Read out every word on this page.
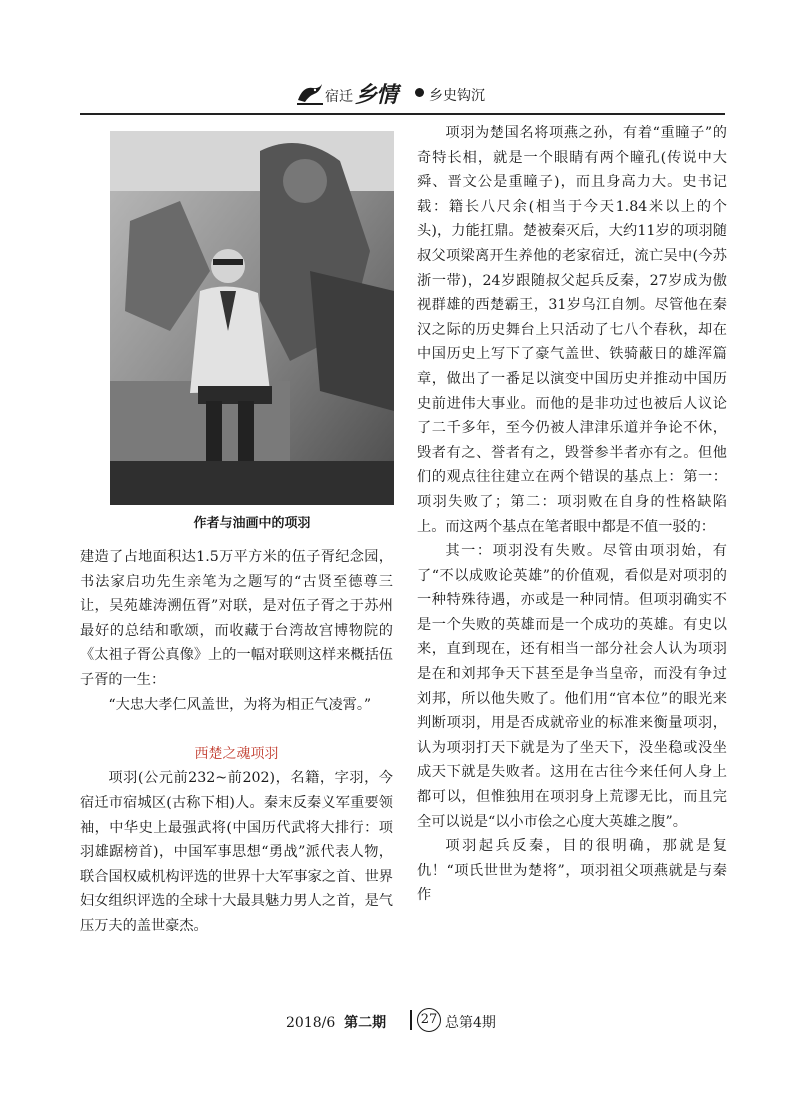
宿迁 乡情 乡史钩沉
作者与油画中的项羽

建造了占地面积达1.5万平方米的伍子胥纪念园，书法家启功先生亲笔为之题写的“古贤至德尊三让，吴苑雄涛溯伍胥”对联，是对伍子胥之于苏州最好的总结和歌颂，而收藏于台湾故宫博物院的《太祖子胥公真像》上的一幅对联则这样来概括伍子胥的一生：

“大忠大孝仁风盖世，为将为相正气凌霄。”

西楚之魂项羽

项羽(公元前232~前202)，名籍，字羽，今宿迁市宿城区(古称下相)人。秦末反秦义军重要领袖，中华史上最强武将(中国历代武将大排行：项羽雄踞榜首)，中国军事思想“勇战”派代表人物，联合国权威机构评选的世界十大军事家之首、世界妇女组织评选的全球十大最具魅力男人之首，是气压万夫的盖世豪杰。

项羽为楚国名将项燕之孙，有着“重瞳子”的奇特长相，就是一个眼睛有两个瞳孔(传说中大舜、晋文公是重瞳子)，而且身高力大。史书记载：籍长八尺余(相当于今天1.84米以上的个头)，力能扛鼎。楚被秦灭后，大约11岁的项羽随叔父项梁离开生养他的老家宿迁，流亡吴中(今苏浙一带)，24岁跟随叔父起兵反秦，27岁成为傲视群雄的西楚霸王，31岁乌江自刎。尽管他在秦汉之际的历史舞台上只活动了七八个春秋，却在中国历史上写下了豪气盖世、铁骑蔽日的雄浑篇章，做出了一番足以演变中国历史并推动中国历史前进伟大事业。而他的是非功过也被后人议论了二千多年，至今仍被人津津乐道并争论不休，毁者有之、誉者有之，毁誉参半者亦有之。但他们的观点往往建立在两个错误的基点上：第一：项羽失败了；第二：项羽败在自身的性格缺陷上。而这两个基点在笔者眼中都是不值一驳的：

其一：项羽没有失败。尽管由项羽始，有了“不以成败论英雄”的价值观，看似是对项羽的一种特殊待遇，亦或是一种同情。但项羽确实不是一个失败的英雄而是一个成功的英雄。有史以来，直到现在，还有相当一部分社会人认为项羽是在和刘邦争天下甚至是争当皇帝，而没有争过刘邦，所以他失败了。他们用“官本位”的眼光来判断项羽，用是否成就帝业的标准来衡量项羽，认为项羽打天下就是为了坐天下，没坐稳或没坐成天下就是失败者。这用在古往今来任何人身上都可以，但惟独用在项羽身上荒谬无比，而且完全可以说是“以小市侩之心度大英雄之腹”。

项羽起兵反秦，目的很明确，那就是复仇！“项氏世世为楚将”，项羽祖父项燕就是与秦作

2018/6 第二期	27 总第4期
